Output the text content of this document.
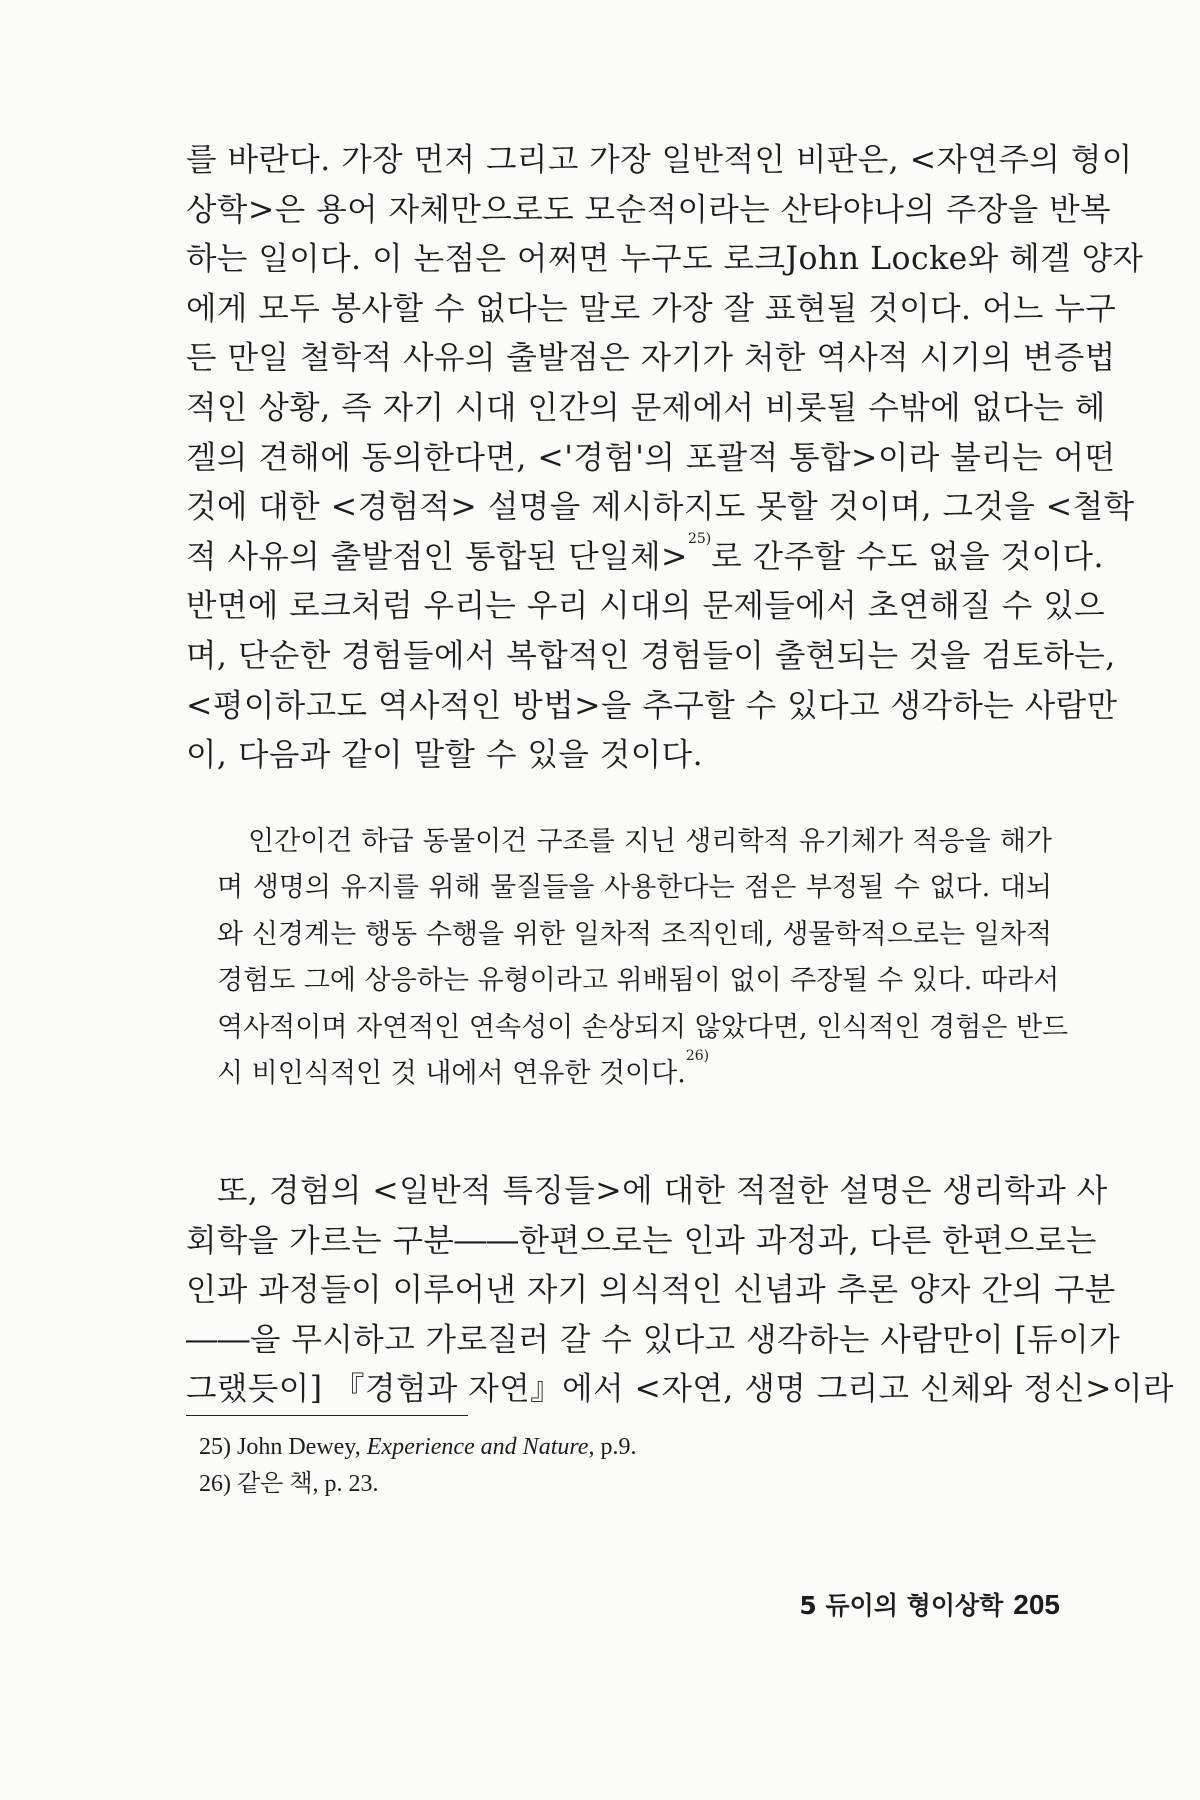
를 바란다. 가장 먼저 그리고 가장 일반적인 비판은, <자연주의 형이
상학>은 용어 자체만으로도 모순적이라는 산타야나의 주장을 반복
하는 일이다. 이 논점은 어쩌면 누구도 로크John Locke와 헤겔 양자
에게 모두 봉사할 수 없다는 말로 가장 잘 표현될 것이다. 어느 누구
든 만일 철학적 사유의 출발점은 자기가 처한 역사적 시기의 변증법
적인 상황, 즉 자기 시대 인간의 문제에서 비롯될 수밖에 없다는 헤
겔의 견해에 동의한다면, <'경험'의 포괄적 통합>이라 불리는 어떤
것에 대한 <경험적> 설명을 제시하지도 못할 것이며, 그것을 <철학
적 사유의 출발점인 통합된 단일체>$^{25)}$로 간주할 수도 없을 것이다.
반면에 로크처럼 우리는 우리 시대의 문제들에서 초연해질 수 있으
며, 단순한 경험들에서 복합적인 경험들이 출현되는 것을 검토하는,
<평이하고도 역사적인 방법>을 추구할 수 있다고 생각하는 사람만
이, 다음과 같이 말할 수 있을 것이다.
인간이건 하급 동물이건 구조를 지닌 생리학적 유기체가 적응을 해가
며 생명의 유지를 위해 물질들을 사용한다는 점은 부정될 수 없다. 대뇌
와 신경계는 행동 수행을 위한 일차적 조직인데, 생물학적으로는 일차적
경험도 그에 상응하는 유형이라고 위배됨이 없이 주장될 수 있다. 따라서
역사적이며 자연적인 연속성이 손상되지 않았다면, 인식적인 경험은 반드
시 비인식적인 것 내에서 연유한 것이다.$^{26)}$
또, 경험의 <일반적 특징들>에 대한 적절한 설명은 생리학과 사
회학을 가르는 구분――한편으로는 인과 과정과, 다른 한편으로는
인과 과정들이 이루어낸 자기 의식적인 신념과 추론 양자 간의 구분
――을 무시하고 가로질러 갈 수 있다고 생각하는 사람만이 [듀이가
그랬듯이] 『경험과 자연』에서 <자연, 생명 그리고 신체와 정신>이라
25) John Dewey, Experience and Nature, p.9.
26) 같은 책, p. 23.
5 듀이의 형이상학 205
